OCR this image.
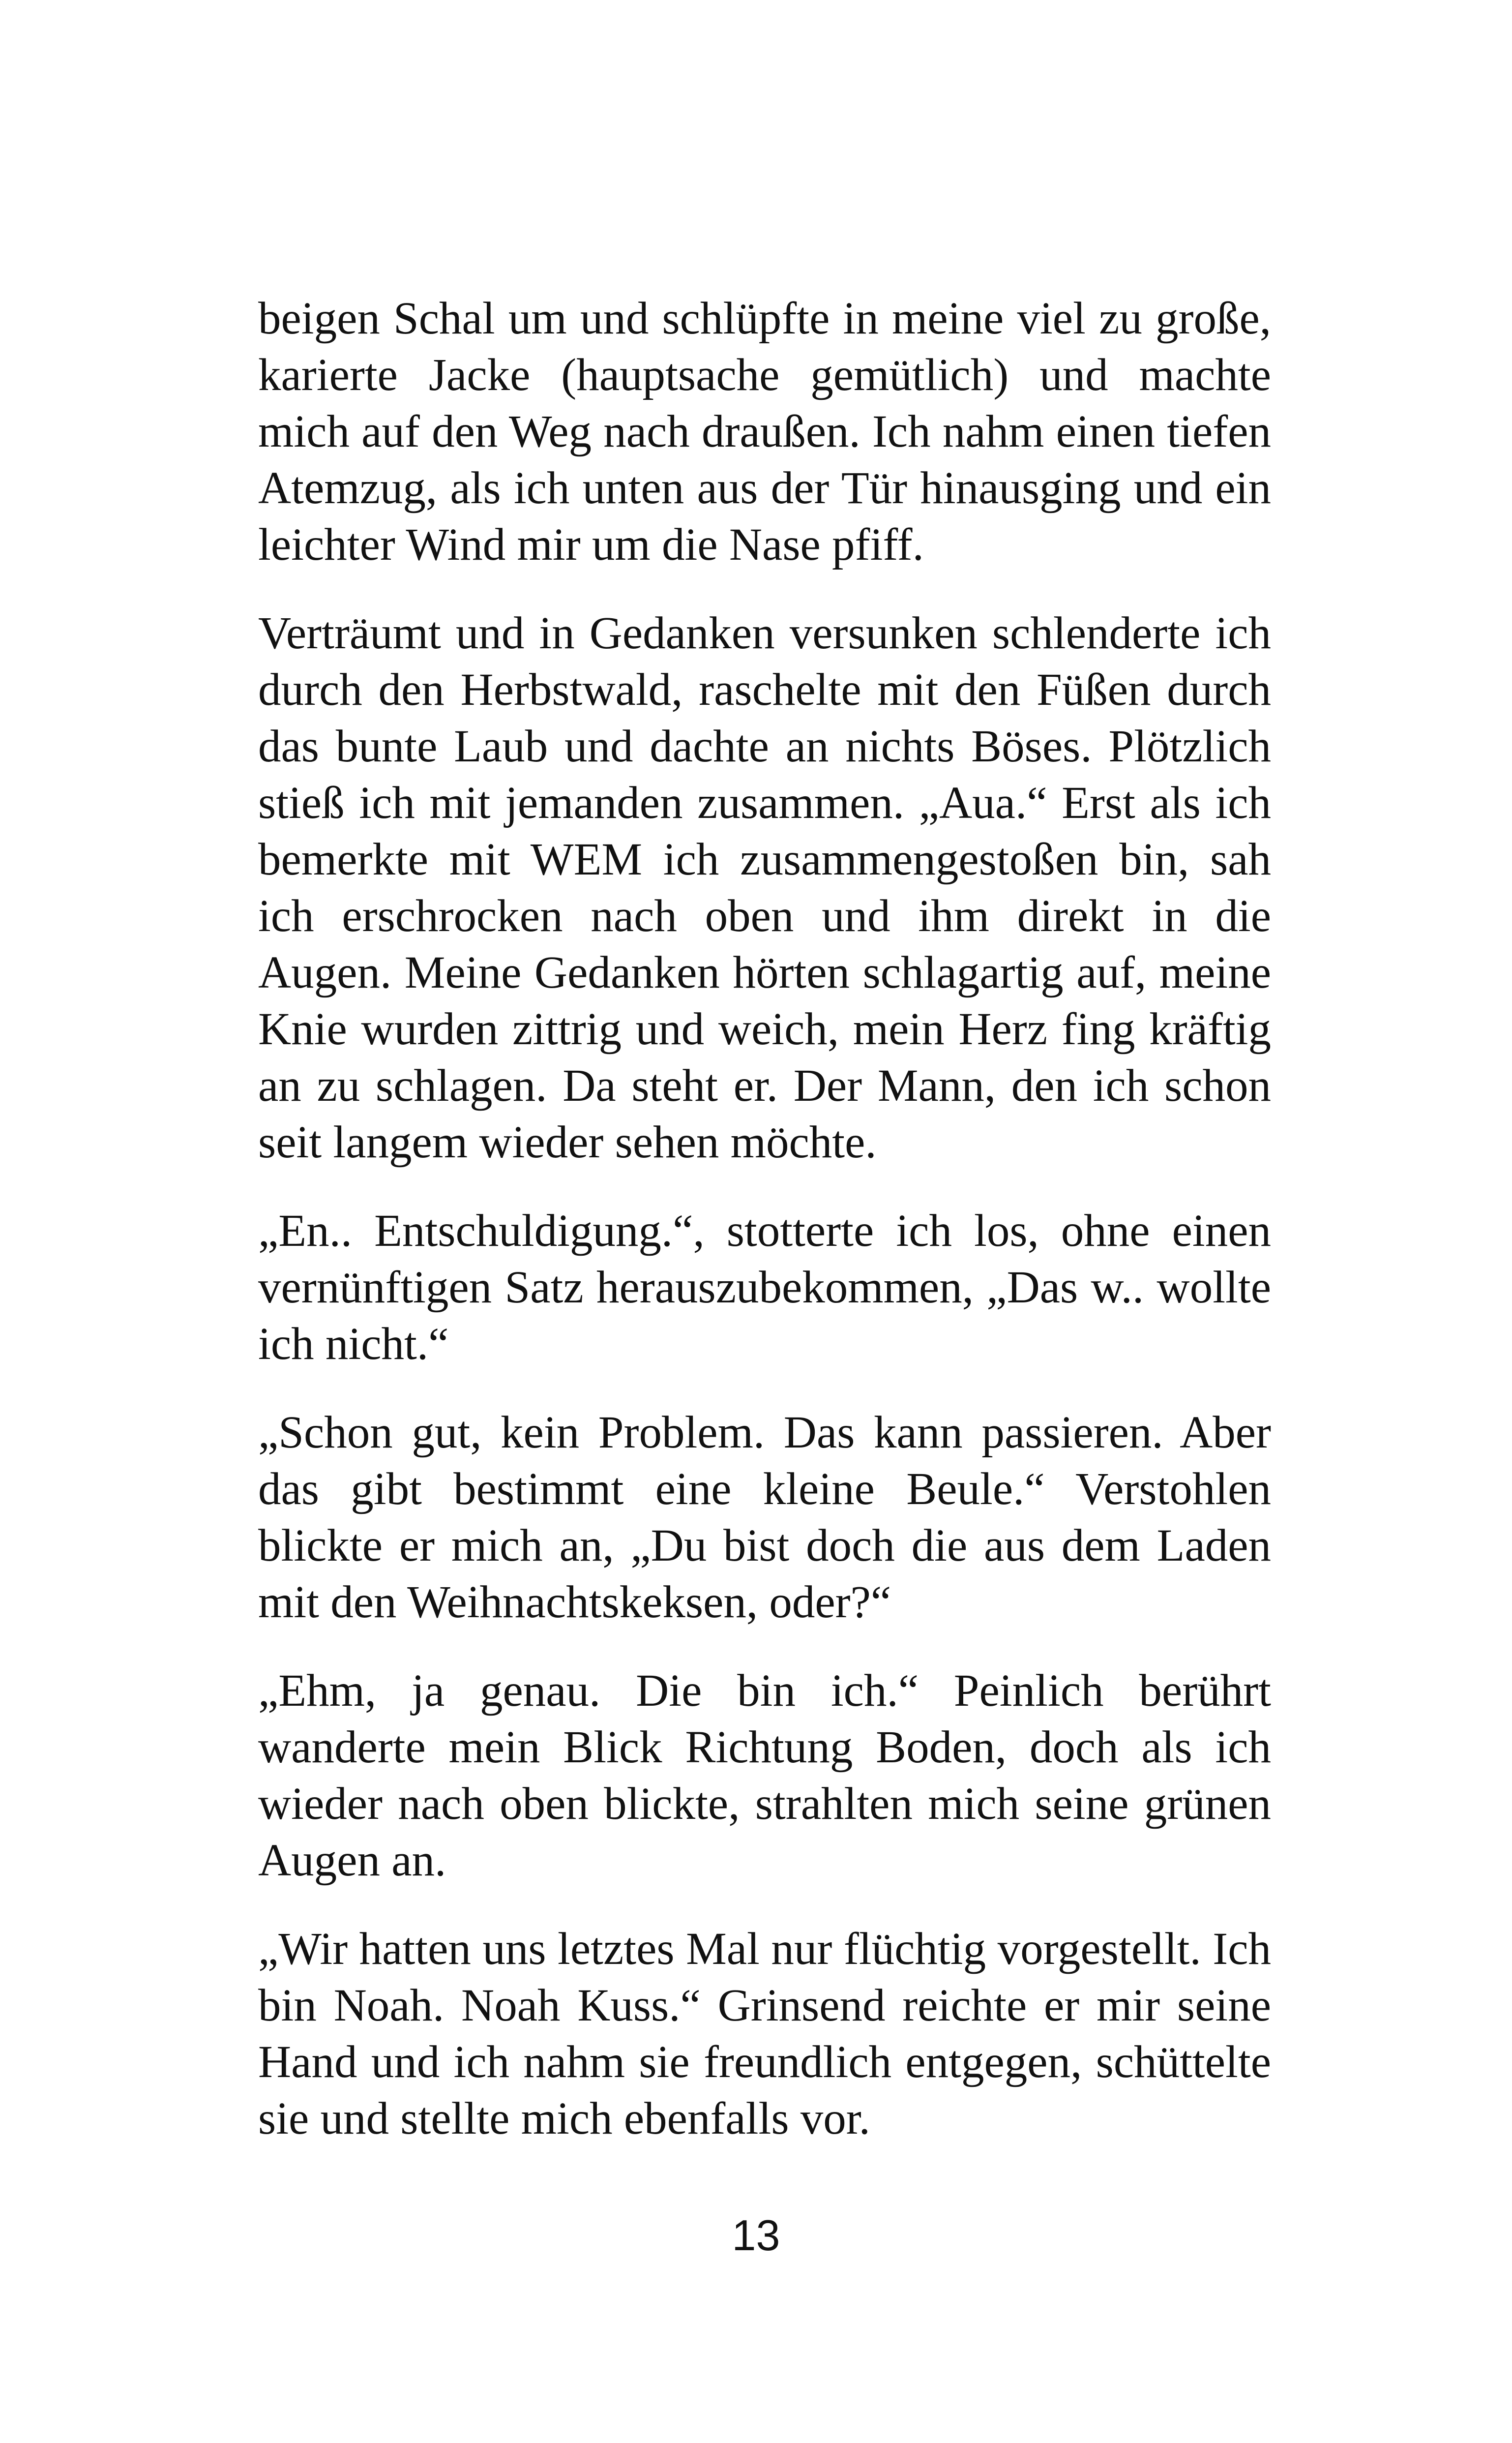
beigen Schal um und schlüpfte in meine viel zu große, karierte Jacke (hauptsache gemütlich) und machte mich auf den Weg nach draußen. Ich nahm einen tiefen Atemzug, als ich unten aus der Tür hinausging und ein leichter Wind mir um die Nase pfiff.

Verträumt und in Gedanken versunken schlenderte ich durch den Herbstwald, raschelte mit den Füßen durch das bunte Laub und dachte an nichts Böses. Plötzlich stieß ich mit jemanden zusammen. „Aua.“ Erst als ich bemerkte mit WEM ich zusammengestoßen bin, sah ich erschrocken nach oben und ihm direkt in die Augen. Meine Gedanken hörten schlagartig auf, meine Knie wurden zittrig und weich, mein Herz fing kräftig an zu schlagen. Da steht er. Der Mann, den ich schon seit langem wieder sehen möchte.

„En.. Entschuldigung.“, stotterte ich los, ohne einen vernünftigen Satz herauszubekommen, „Das w.. wollte ich nicht.“

„Schon gut, kein Problem. Das kann passieren. Aber das gibt bestimmt eine kleine Beule.“ Verstohlen blickte er mich an, „Du bist doch die aus dem Laden mit den Weihnachtskeksen, oder?“

„Ehm, ja genau. Die bin ich.“ Peinlich berührt wanderte mein Blick Richtung Boden, doch als ich wieder nach oben blickte, strahlten mich seine grünen Augen an.

„Wir hatten uns letztes Mal nur flüchtig vorgestellt. Ich bin Noah. Noah Kuss.“ Grinsend reichte er mir seine Hand und ich nahm sie freundlich entgegen, schüttelte sie und stellte mich ebenfalls vor.

13
